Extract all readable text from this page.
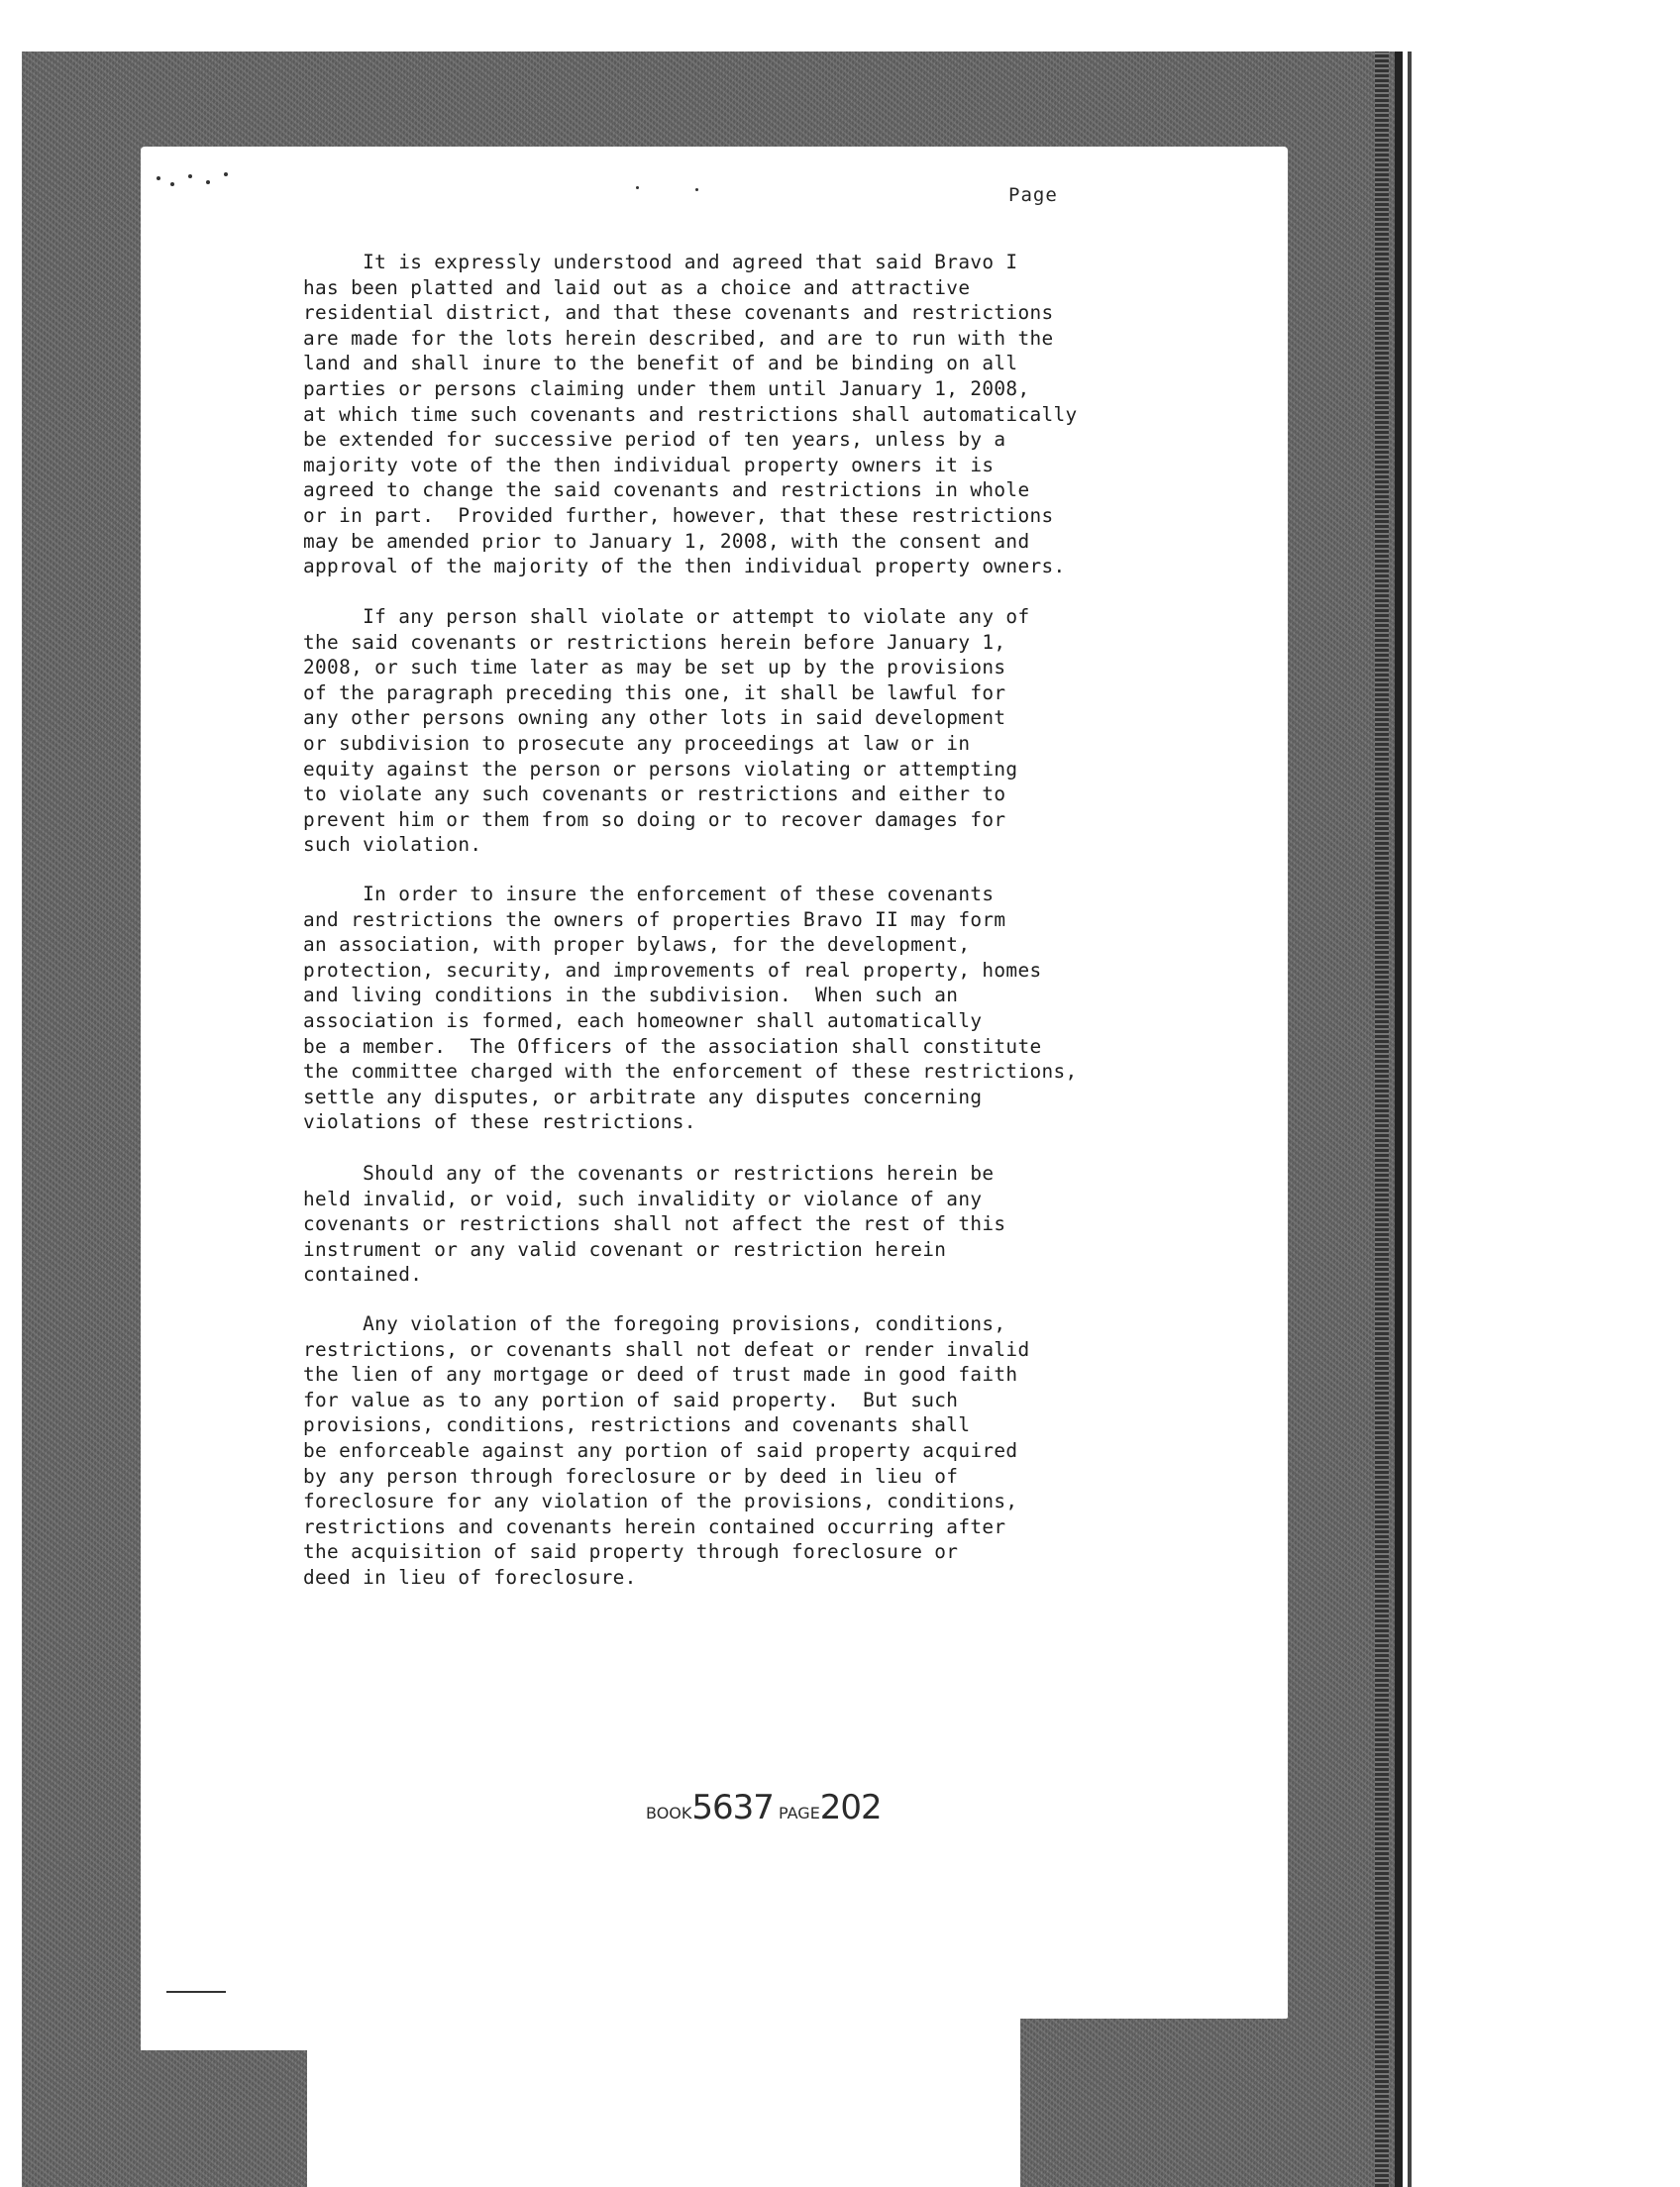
Page
It is expressly understood and agreed that said Bravo I
has been platted and laid out as a choice and attractive
residential district, and that these covenants and restrictions
are made for the lots herein described, and are to run with the
land and shall inure to the benefit of and be binding on all
parties or persons claiming under them until January 1, 2008,
at which time such covenants and restrictions shall automatically
be extended for successive period of ten years, unless by a
majority vote of the then individual property owners it is
agreed to change the said covenants and restrictions in whole
or in part.  Provided further, however, that these restrictions
may be amended prior to January 1, 2008, with the consent and
approval of the majority of the then individual property owners.
If any person shall violate or attempt to violate any of
the said covenants or restrictions herein before January 1,
2008, or such time later as may be set up by the provisions
of the paragraph preceding this one, it shall be lawful for
any other persons owning any other lots in said development
or subdivision to prosecute any proceedings at law or in
equity against the person or persons violating or attempting
to violate any such covenants or restrictions and either to
prevent him or them from so doing or to recover damages for
such violation.
In order to insure the enforcement of these covenants
and restrictions the owners of properties Bravo II may form
an association, with proper bylaws, for the development,
protection, security, and improvements of real property, homes
and living conditions in the subdivision.  When such an
association is formed, each homeowner shall automatically
be a member.  The Officers of the association shall constitute
the committee charged with the enforcement of these restrictions,
settle any disputes, or arbitrate any disputes concerning
violations of these restrictions.
Should any of the covenants or restrictions herein be
held invalid, or void, such invalidity or violance of any
covenants or restrictions shall not affect the rest of this
instrument or any valid covenant or restriction herein
contained.
Any violation of the foregoing provisions, conditions,
restrictions, or covenants shall not defeat or render invalid
the lien of any mortgage or deed of trust made in good faith
for value as to any portion of said property.  But such
provisions, conditions, restrictions and covenants shall
be enforceable against any portion of said property acquired
by any person through foreclosure or by deed in lieu of
foreclosure for any violation of the provisions, conditions,
restrictions and covenants herein contained occurring after
the acquisition of said property through foreclosure or
deed in lieu of foreclosure.
BOOK5637 PAGE202
